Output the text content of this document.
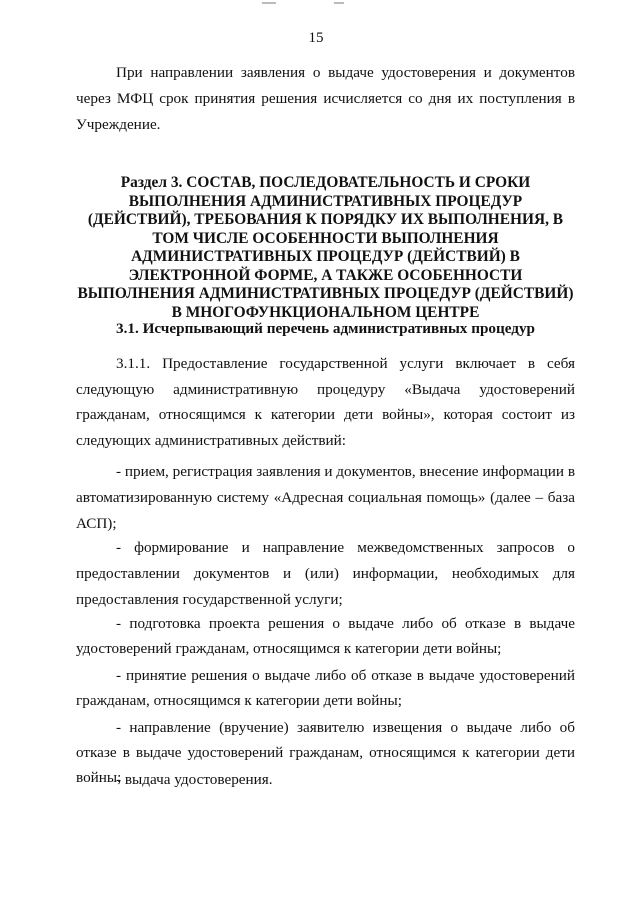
15

При направлении заявления о выдаче удостоверения и документов через МФЦ срок принятия решения исчисляется со дня их поступления в Учреждение.

Раздел 3. СОСТАВ, ПОСЛЕДОВАТЕЛЬНОСТЬ И СРОКИ ВЫПОЛНЕНИЯ АДМИНИСТРАТИВНЫХ ПРОЦЕДУР (ДЕЙСТВИЙ), ТРЕБОВАНИЯ К ПОРЯДКУ ИХ ВЫПОЛНЕНИЯ, В ТОМ ЧИСЛЕ ОСОБЕННОСТИ ВЫПОЛНЕНИЯ АДМИНИСТРАТИВНЫХ ПРОЦЕДУР (ДЕЙСТВИЙ) В ЭЛЕКТРОННОЙ ФОРМЕ, А ТАКЖЕ ОСОБЕННОСТИ ВЫПОЛНЕНИЯ АДМИНИСТРАТИВНЫХ ПРОЦЕДУР (ДЕЙСТВИЙ) В МНОГОФУНКЦИОНАЛЬНОМ ЦЕНТРЕ
3.1. Исчерпывающий перечень административных процедур

3.1.1. Предоставление государственной услуги включает в себя следующую административную процедуру «Выдача удостоверений гражданам, относящимся к категории дети войны», которая состоит из следующих административных действий:

- прием, регистрация заявления и документов, внесение информации в автоматизированную систему «Адресная социальная помощь» (далее – база АСП);

- формирование и направление межведомственных запросов о предоставлении документов и (или) информации, необходимых для предоставления государственной услуги;

- подготовка проекта решения о выдаче либо об отказе в выдаче удостоверений гражданам, относящимся к категории дети войны;

- принятие решения о выдаче либо об отказе в выдаче удостоверений гражданам, относящимся к категории дети войны;

- направление (вручение) заявителю извещения о выдаче либо об отказе в выдаче удостоверений гражданам, относящимся к категории дети войны;

- выдача удостоверения.
